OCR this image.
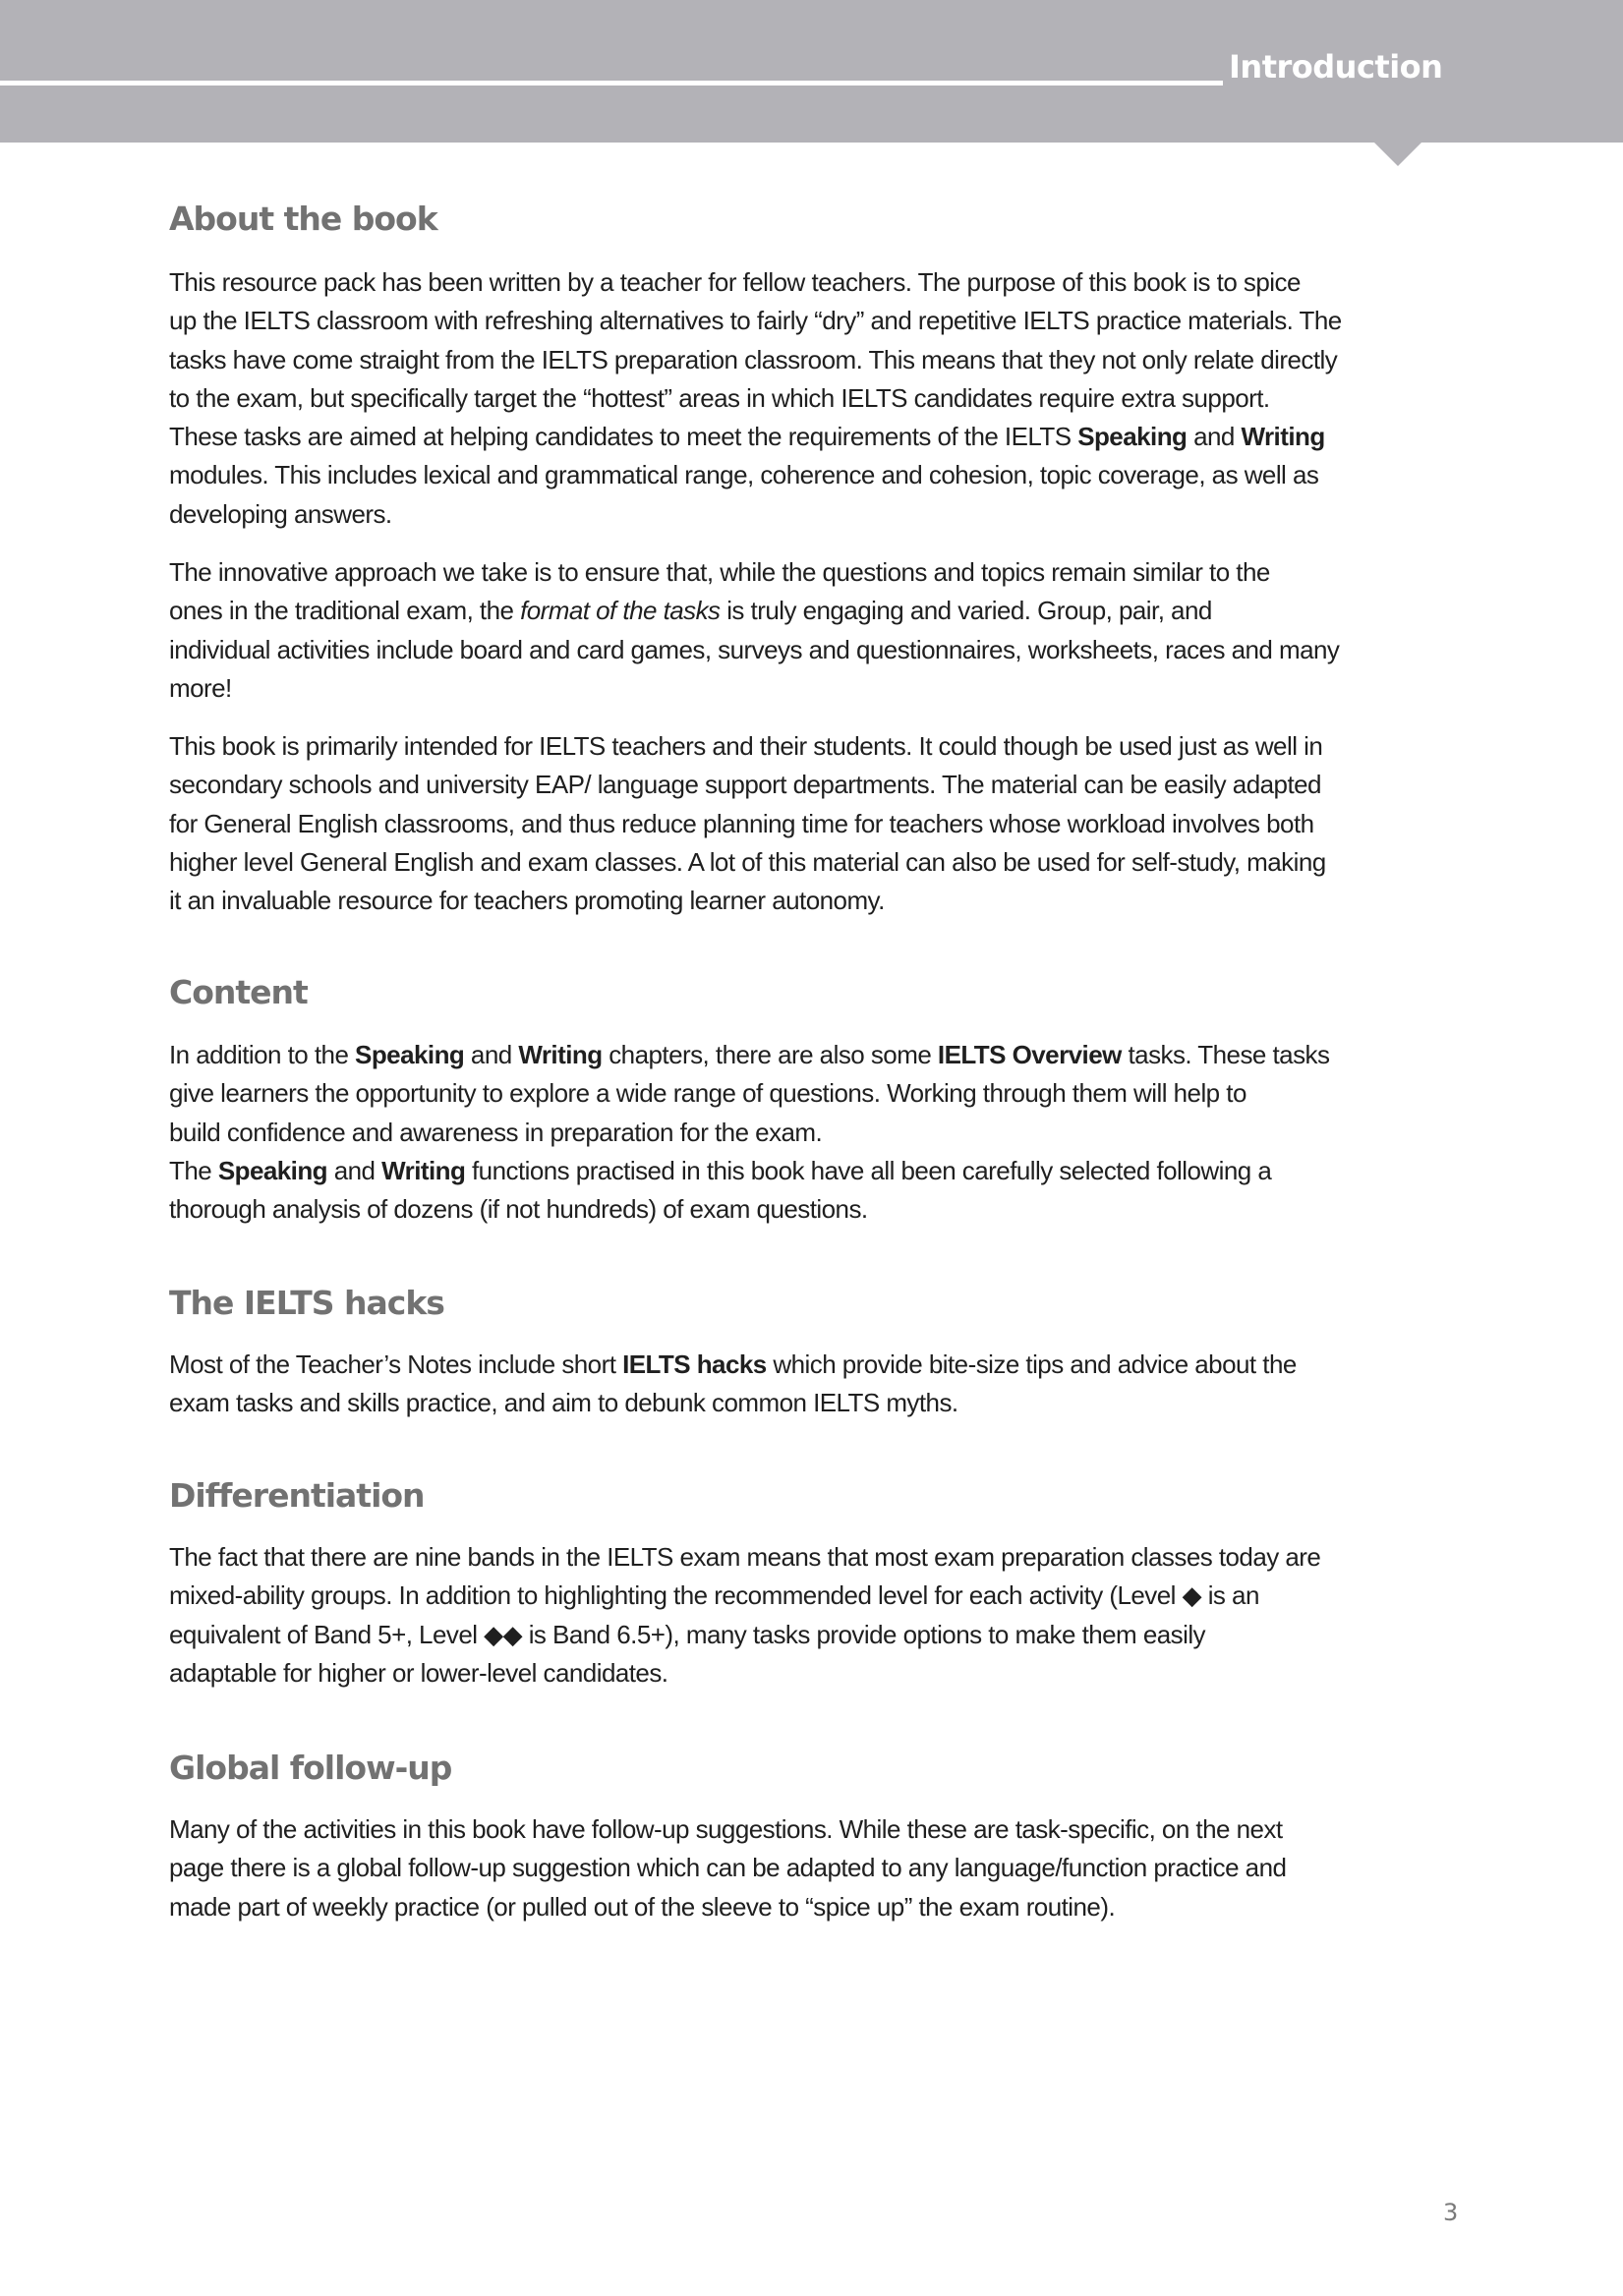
Introduction
About the book

This resource pack has been written by a teacher for fellow teachers. The purpose of this book is to spice
up the IELTS classroom with refreshing alternatives to fairly “dry” and repetitive IELTS practice materials. The
tasks have come straight from the IELTS preparation classroom. This means that they not only relate directly
to the exam, but specifically target the “hottest” areas in which IELTS candidates require extra support.
These tasks are aimed at helping candidates to meet the requirements of the IELTS Speaking and Writing
modules. This includes lexical and grammatical range, coherence and cohesion, topic coverage, as well as
developing answers.

The innovative approach we take is to ensure that, while the questions and topics remain similar to the
ones in the traditional exam, the format of the tasks is truly engaging and varied. Group, pair, and
individual activities include board and card games, surveys and questionnaires, worksheets, races and many
more!

This book is primarily intended for IELTS teachers and their students. It could though be used just as well in
secondary schools and university EAP/ language support departments. The material can be easily adapted
for General English classrooms, and thus reduce planning time for teachers whose workload involves both
higher level General English and exam classes. A lot of this material can also be used for self-study, making
it an invaluable resource for teachers promoting learner autonomy.

Content

In addition to the Speaking and Writing chapters, there are also some IELTS Overview tasks. These tasks
give learners the opportunity to explore a wide range of questions. Working through them will help to
build confidence and awareness in preparation for the exam.
The Speaking and Writing functions practised in this book have all been carefully selected following a
thorough analysis of dozens (if not hundreds) of exam questions.

The IELTS hacks

Most of the Teacher’s Notes include short IELTS hacks which provide bite-size tips and advice about the
exam tasks and skills practice, and aim to debunk common IELTS myths.

Differentiation

The fact that there are nine bands in the IELTS exam means that most exam preparation classes today are
mixed-ability groups. In addition to highlighting the recommended level for each activity (Level ◆ is an
equivalent of Band 5+, Level ◆◆ is Band 6.5+), many tasks provide options to make them easily
adaptable for higher or lower-level candidates.

Global follow-up

Many of the activities in this book have follow-up suggestions. While these are task-specific, on the next
page there is a global follow-up suggestion which can be adapted to any language/function practice and
made part of weekly practice (or pulled out of the sleeve to “spice up” the exam routine).

3
